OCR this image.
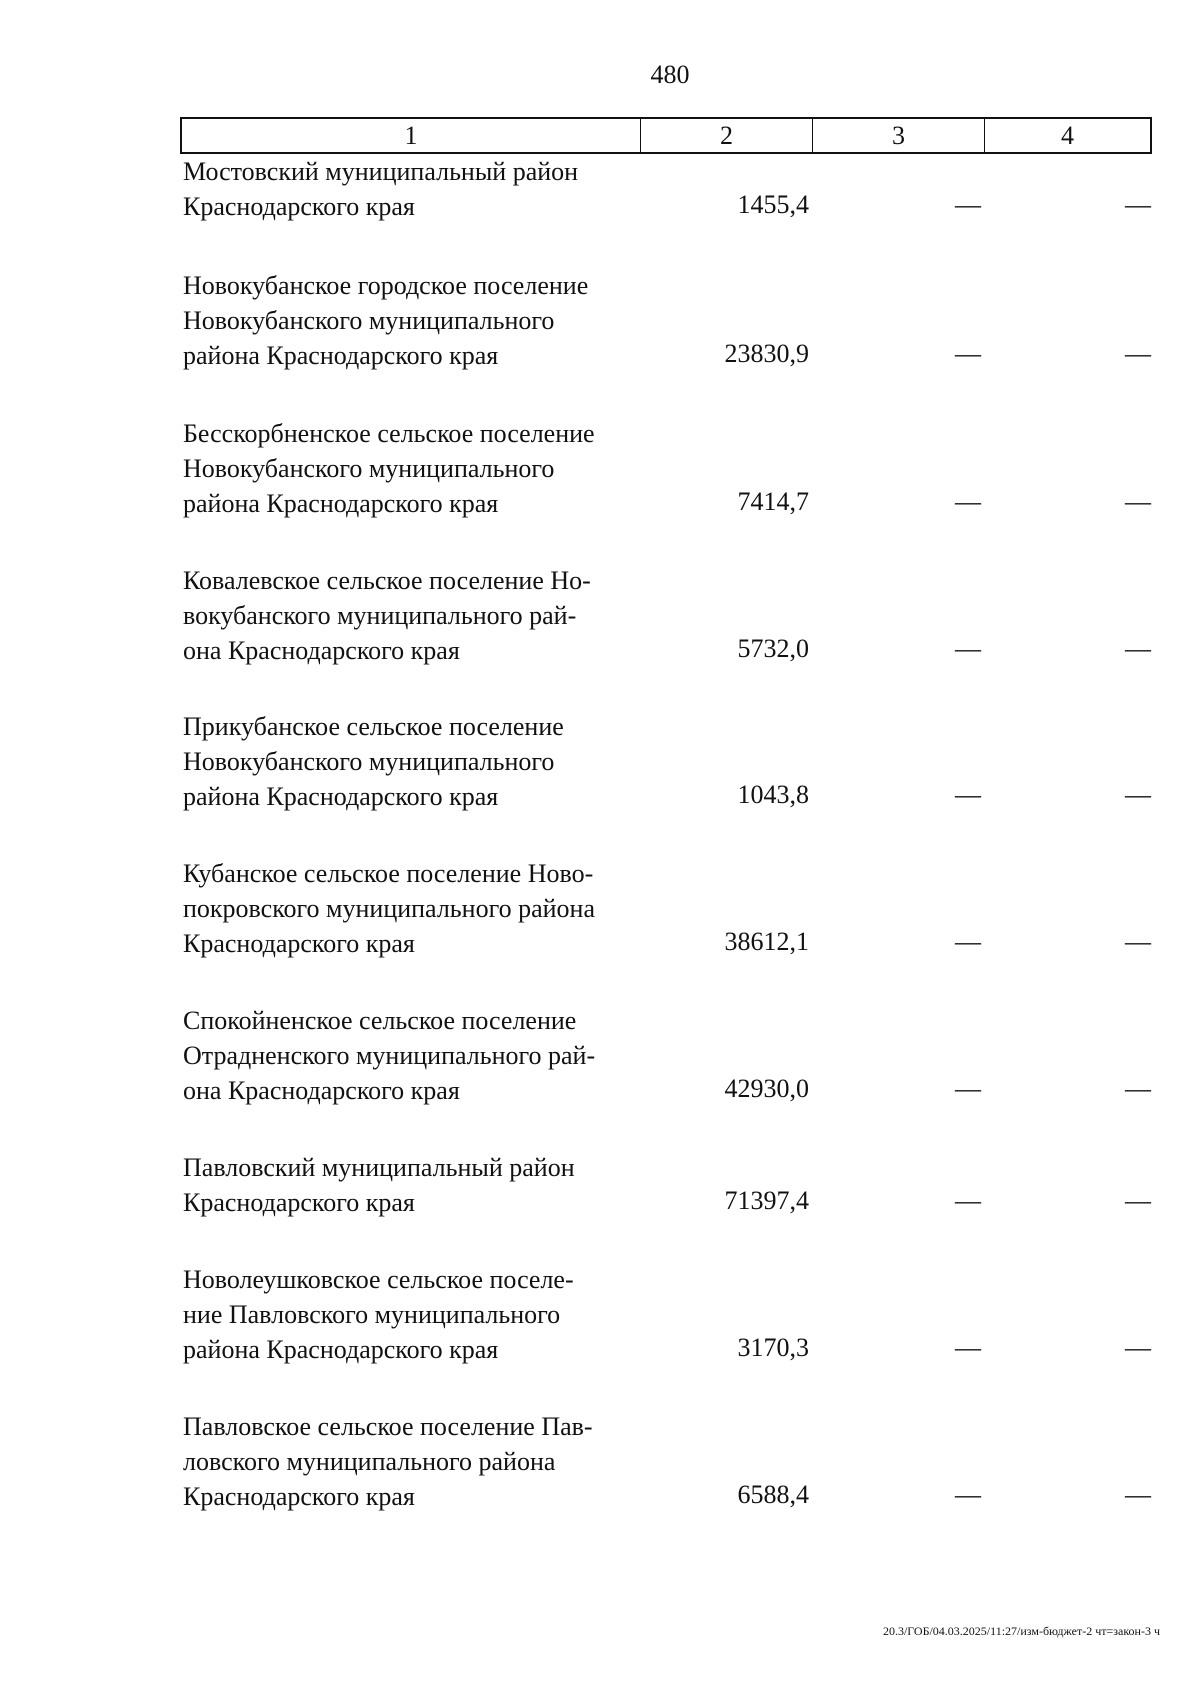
480
1	2	3	4
Мостовский муниципальный район
Краснодарского края	1455,4	—	—
Новокубанское городское поселение
Новокубанского муниципального
района Краснодарского края	23830,9	—	—
Бесскорбненское сельское поселение
Новокубанского муниципального
района Краснодарского края	7414,7	—	—
Ковалевское сельское поселение Но-
вокубанского муниципального рай-
она Краснодарского края	5732,0	—	—
Прикубанское сельское поселение
Новокубанского муниципального
района Краснодарского края	1043,8	—	—
Кубанское сельское поселение Ново-
покровского муниципального района
Краснодарского края	38612,1	—	—
Спокойненское сельское поселение
Отрадненского муниципального рай-
она Краснодарского края	42930,0	—	—
Павловский муниципальный район
Краснодарского края	71397,4	—	—
Новолеушковское сельское поселе-
ние Павловского муниципального
района Краснодарского края	3170,3	—	—
Павловское сельское поселение Пав-
ловского муниципального района
Краснодарского края	6588,4	—	—
20.3/ГОБ/04.03.2025/11:27/изм-бюджет-2 чт=закон-3 ч
